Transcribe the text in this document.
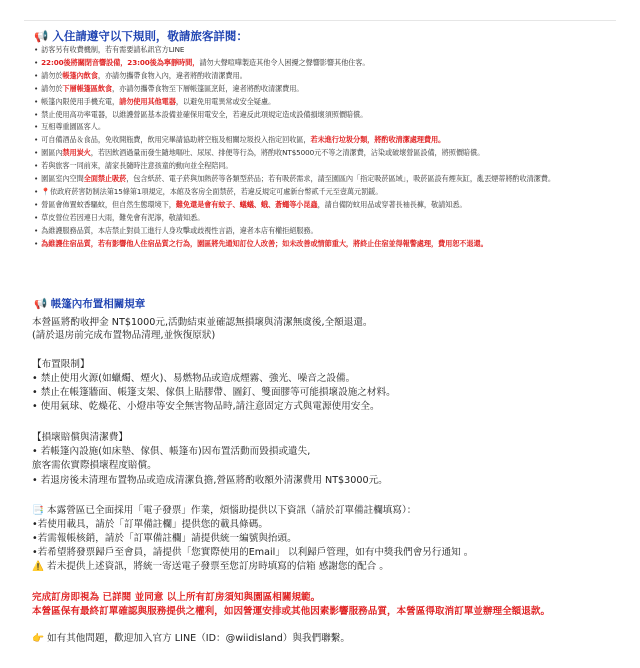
📢 入住請遵守以下規則，敬請旅客詳閱：
• 訪客另有收費機制，若有需要請私訊官方LINE
• 22:00後將關閉音響設備，23:00後為寧靜時間，請勿大聲喧嘩製造其他令人困擾之聲響影響其他住客。
• 請勿於帳篷內飲食，亦請勿攜帶食物入內，違者將酌收清潔費用。
• 請勿於下層帳篷區飲食，亦請勿攜帶食物至下層帳篷區烹飪，違者將酌收清潔費用。
• 帳篷內限使用手機充電，請勿使用其他電器，以避免用電異常或安全疑慮。
• 禁止使用高功率電器，以維護營區基本設備並確保用電安全，若違反此項規定造成設備損壞須照價賠償。
• 互相尊重園區客人。
• 可自備酒品＆食品，免收開瓶費，飲用完畢請協助將空瓶及相關垃圾投入指定回收區，若未進行垃圾分類，將酌收清潔處理費用。
• 園區內禁用炭火，若因飲酒過量而發生隨地嘔吐、尿尿、排便等行為，將酌收NT$5000元不等之清潔費，沾染或破壞營區設備，將照價賠償。
• 若與旅客一同前來，請家長隨時注意孩童的動向並全程陪同。
• 園區室內空間全面禁止吸菸，包含紙菸、電子菸與加熱菸等各類型菸品；若有吸菸需求，請至園區內「指定吸菸區域」，吸菸區設有煙灰缸，亂丟煙蒂將酌收清潔費。
• 📍依政府菸害防制法第15條第1項規定，本館及客房全面禁菸，若違反規定可處新台幣貳千元至壹萬元罰鍰。
• 營區會佈置蚊香驅蚊，但自然生態環境下，難免還是會有蚊子、蟻蟻、蛾、蒼蠅等小昆蟲，請自備防蚊用品或穿著長袖長褲，敬請知悉。
• 草皮營位若因連日大雨，難免會有泥濘，敬請知悉。
• 為維護服務品質，本店禁止對員工進行人身攻擊或歧視性言語，違者本店有權拒絕服務。
• 為維護住宿品質，若有影響他人住宿品質之行為，園區將先通知訂位人改善；如未改善或情節重大，將終止住宿並得報警處理，費用恕不退還。
📢 帳篷內布置相關規章
本營區將酌收押金 NT$1000元,活動結束並確認無損壞與清潔無虞後,全額退還。
(請於退房前完成布置物品清理,並恢復原狀)
【布置限制】
• 禁止使用火源(如蠟燭、煙火)、易燃物品或造成煙霧、強光、噪音之設備。
• 禁止在帳篷牆面、帳篷支架、傢俱上貼膠帶、圖釘、雙面膠等可能損壞設施之材料。
• 使用氣球、乾燥花、小燈串等安全無害物品時,請注意固定方式與電源使用安全。
【損壞賠償與清潔費】
• 若帳篷內設施(如床墊、傢俱、帳篷布)因布置活動而毀損或遺失,
旅客需依實際損壞程度賠償。
• 若退房後未清理布置物品或造成清潔負擔,營區將酌收額外清潔費用 NT$3000元。
📑 本露營區已全面採用「電子發票」作業，煩惱助提供以下資訊（請於訂單備註欄填寫）：
•若使用載具，請於「訂單備註欄」提供您的載具條碼。
•若需報帳核銷，請於「訂單備註欄」請提供統一編號與抬頭。
•若希望將發票歸戶至會員，請提供「您實際使用的Email」 以利歸戶管理，如有中獎我們會另行通知 。
⚠️ 若未提供上述資訊，將統一寄送電子發票至您訂房時填寫的信箱 感謝您的配合 。
完成訂房即視為 已詳閱 並同意 以上所有訂房須知與園區相關規範。
本營區保有最終訂單確認與服務提供之權利，如因營運安排或其他因素影響服務品質，本營區得取消訂單並辦理全額退款。
👉 如有其他問題，歡迎加入官方 LINE（ID：@wiidisland）與我們聯繫。
